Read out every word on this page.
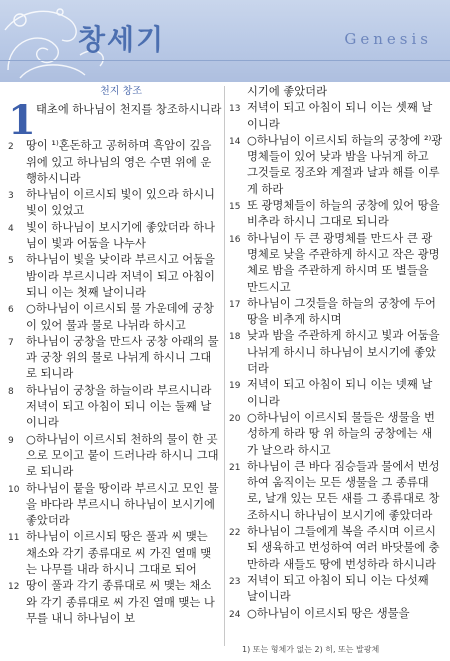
창세기	Genesis
천지 창조
1 태초에 하나님이 천지를 창조하시니라
2	땅이 ¹⁾혼돈하고 공허하며 흑암이 깊음 위에 있고 하나님의 영은 수면 위에 운행하시니라
3	하나님이 이르시되 빛이 있으라 하시니 빛이 있었고
4	빛이 하나님이 보시기에 좋았더라 하나님이 빛과 어둠을 나누사
5	하나님이 빛을 낮이라 부르시고 어둠을 밤이라 부르시니라 저녁이 되고 아침이 되니 이는 첫째 날이니라
6	○하나님이 이르시되 물 가운데에 궁창이 있어 물과 물로 나뉘라 하시고
7	하나님이 궁창을 만드사 궁창 아래의 물과 궁창 위의 물로 나뉘게 하시니 그대로 되니라
8	하나님이 궁창을 하늘이라 부르시니라 저녁이 되고 아침이 되니 이는 둘째 날이니라
9	○하나님이 이르시되 천하의 물이 한 곳으로 모이고 뭍이 드러나라 하시니 그대로 되니라
10 하나님이 뭍을 땅이라 부르시고 모인 물을 바다라 부르시니 하나님이 보시기에 좋았더라
11 하나님이 이르시되 땅은 풀과 씨 맺는 채소와 각기 종류대로 씨 가진 열매 맺는 나무를 내라 하시니 그대로 되어
12 땅이 풀과 각기 종류대로 씨 맺는 채소와 각기 종류대로 씨 가진 열매 맺는 나무를 내니 하나님이 보
시기에 좋았더라
13 저녁이 되고 아침이 되니 이는 셋째 날이니라
14 ○하나님이 이르시되 하늘의 궁창에 ²⁾광명체들이 있어 낮과 밤을 나뉘게 하고 그것들로 징조와 계절과 날과 해를 이루게 하라
15 또 광명체들이 하늘의 궁창에 있어 땅을 비추라 하시니 그대로 되니라
16 하나님이 두 큰 광명체를 만드사 큰 광명체로 낮을 주관하게 하시고 작은 광명체로 밤을 주관하게 하시며 또 별들을 만드시고
17 하나님이 그것들을 하늘의 궁창에 두어 땅을 비추게 하시며
18 낮과 밤을 주관하게 하시고 빛과 어둠을 나뉘게 하시니 하나님이 보시기에 좋았더라
19 저녁이 되고 아침이 되니 이는 넷째 날이니라
20 ○하나님이 이르시되 물들은 생물을 번성하게 하라 땅 위 하늘의 궁창에는 새가 날으라 하시고
21 하나님이 큰 바다 짐승들과 물에서 번성하여 움직이는 모든 생물을 그 종류대로, 날개 있는 모든 새를 그 종류대로 창조하시니 하나님이 보시기에 좋았더라
22 하나님이 그들에게 복을 주시며 이르시되 생육하고 번성하여 여러 바닷물에 충만하라 새들도 땅에 번성하라 하시니라
23 저녁이 되고 아침이 되니 이는 다섯째 날이니라
24 ○하나님이 이르시되 땅은 생물을
1) 또는 형체가 없는 2) 히, 또는 발광체
